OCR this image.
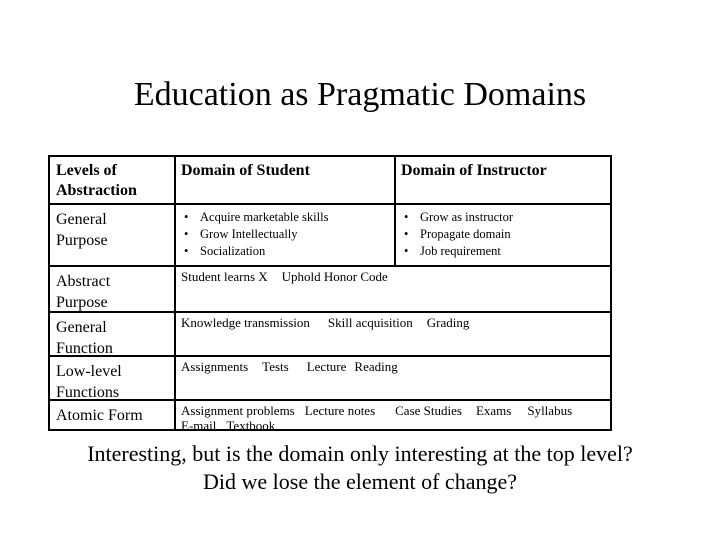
Education as Pragmatic Domains
Levels of Abstraction
Domain of Student	Domain of Instructor
General
Purpose
• Acquire marketable skills
• Grow Intellectually
• Socialization
• Grow as instructor
• Propagate domain
• Job requirement
Abstract
Purpose
Student learns X Uphold Honor Code
General
Function
Knowledge transmission Skill acquisition Grading
Low-level
Functions
Assignments Tests Lecture Reading
Atomic Form	Assignment problems Lecture notes Case Studies Exams Syllabus
E-mail Textbook
Interesting, but is the domain only interesting at the top level?
Did we lose the element of change?
